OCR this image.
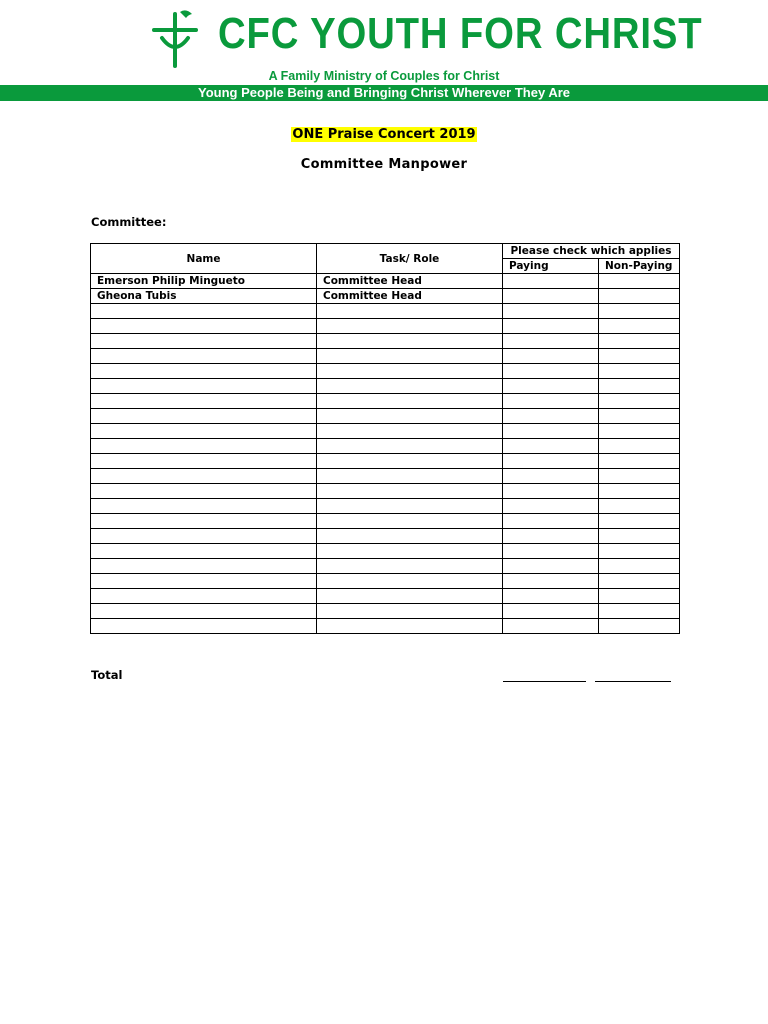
CFC YOUTH FOR CHRIST
A Family Ministry of Couples for Christ
Young People Being and Bringing Christ Wherever They Are
ONE Praise Concert 2019
Committee Manpower
Committee:
Name	Task/ Role	Please check which applies	
		Paying	Non-Paying
Emerson Philip Mingueto	Committee Head		
Gheona Tubis	Committee Head		

Total
